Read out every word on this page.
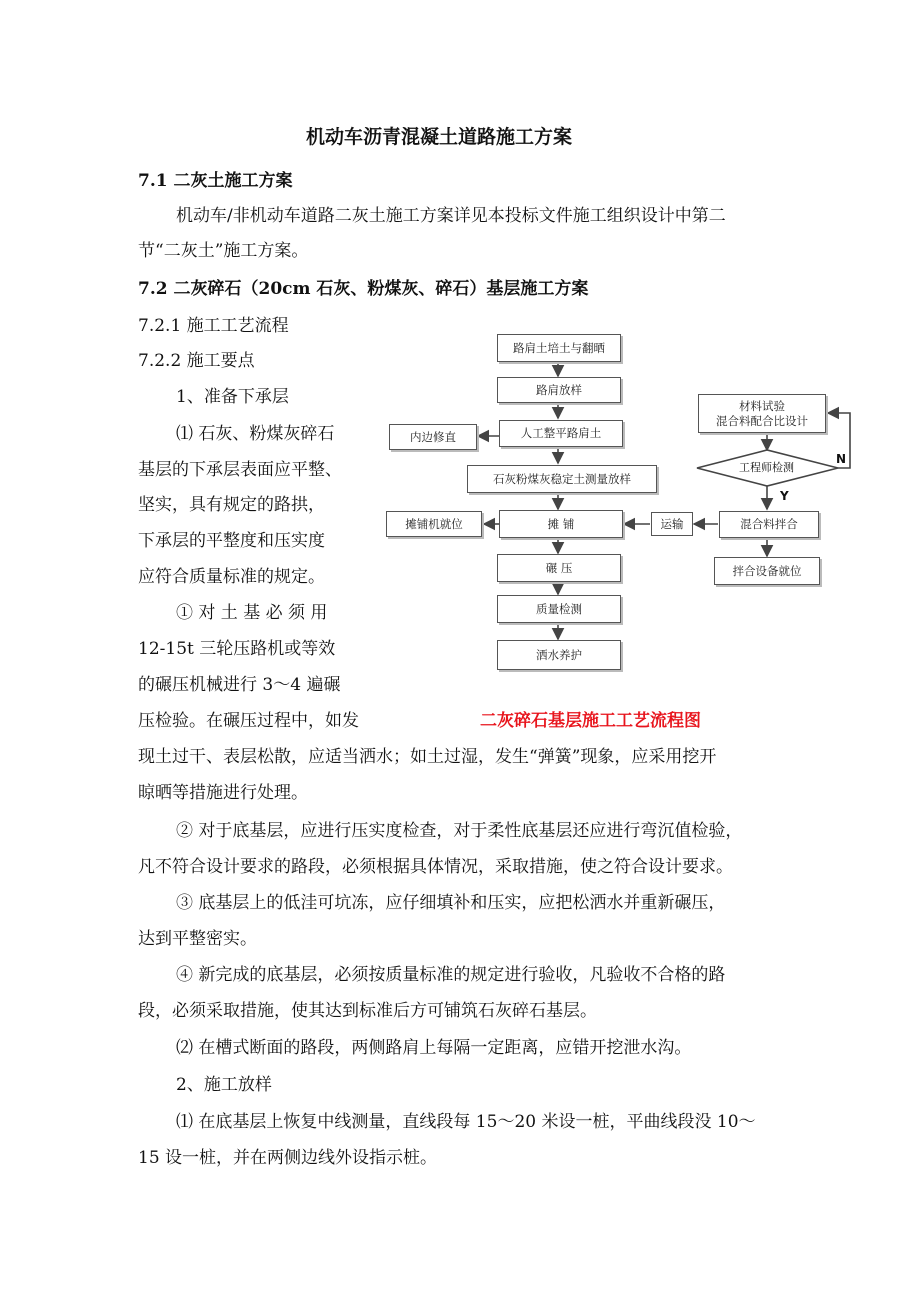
机动车沥青混凝土道路施工方案
7.1 二灰土施工方案
机动车/非机动车道路二灰土施工方案详见本投标文件施工组织设计中第二
节“二灰土”施工方案。
7.2 二灰碎石（20cm 石灰、粉煤灰、碎石）基层施工方案
7.2.1 施工工艺流程
7.2.2 施工要点
1、准备下承层
⑴ 石灰、粉煤灰碎石
基层的下承层表面应平整、
坚实，具有规定的路拱，
下承层的平整度和压实度
应符合质量标准的规定。
① 对 土 基 必 须 用
12-15t 三轮压路机或等效
的碾压机械进行 3～4 遍碾
压检验。在碾压过程中，如发	二灰碎石基层施工工艺流程图
现土过干、表层松散，应适当洒水；如土过湿，发生“弹簧”现象，应采用挖开
晾晒等措施进行处理。
② 对于底基层，应进行压实度检查，对于柔性底基层还应进行弯沉值检验，
凡不符合设计要求的路段，必须根据具体情况，采取措施，使之符合设计要求。
③ 底基层上的低洼可坑冻，应仔细填补和压实，应把松洒水并重新碾压，
达到平整密实。
④ 新完成的底基层，必须按质量标准的规定进行验收，凡验收不合格的路
段，必须采取措施，使其达到标准后方可铺筑石灰碎石基层。
⑵ 在槽式断面的路段，两侧路肩上每隔一定距离，应错开挖泄水沟。
2、施工放样
⑴ 在底基层上恢复中线测量，直线段每 15～20 米设一桩，平曲线段没 10～
15 设一桩，并在两侧边线外设指示桩。
路肩土培土与翻晒
路肩放样
人工整平路肩土
石灰粉煤灰稳定土测量放样
摊 铺
碾 压
质量检测
洒水养护
内边修直
摊铺机就位
材料试验
混合料配合比设计
工程师检测
Y
N
混合料拌合
拌合设备就位
运输
